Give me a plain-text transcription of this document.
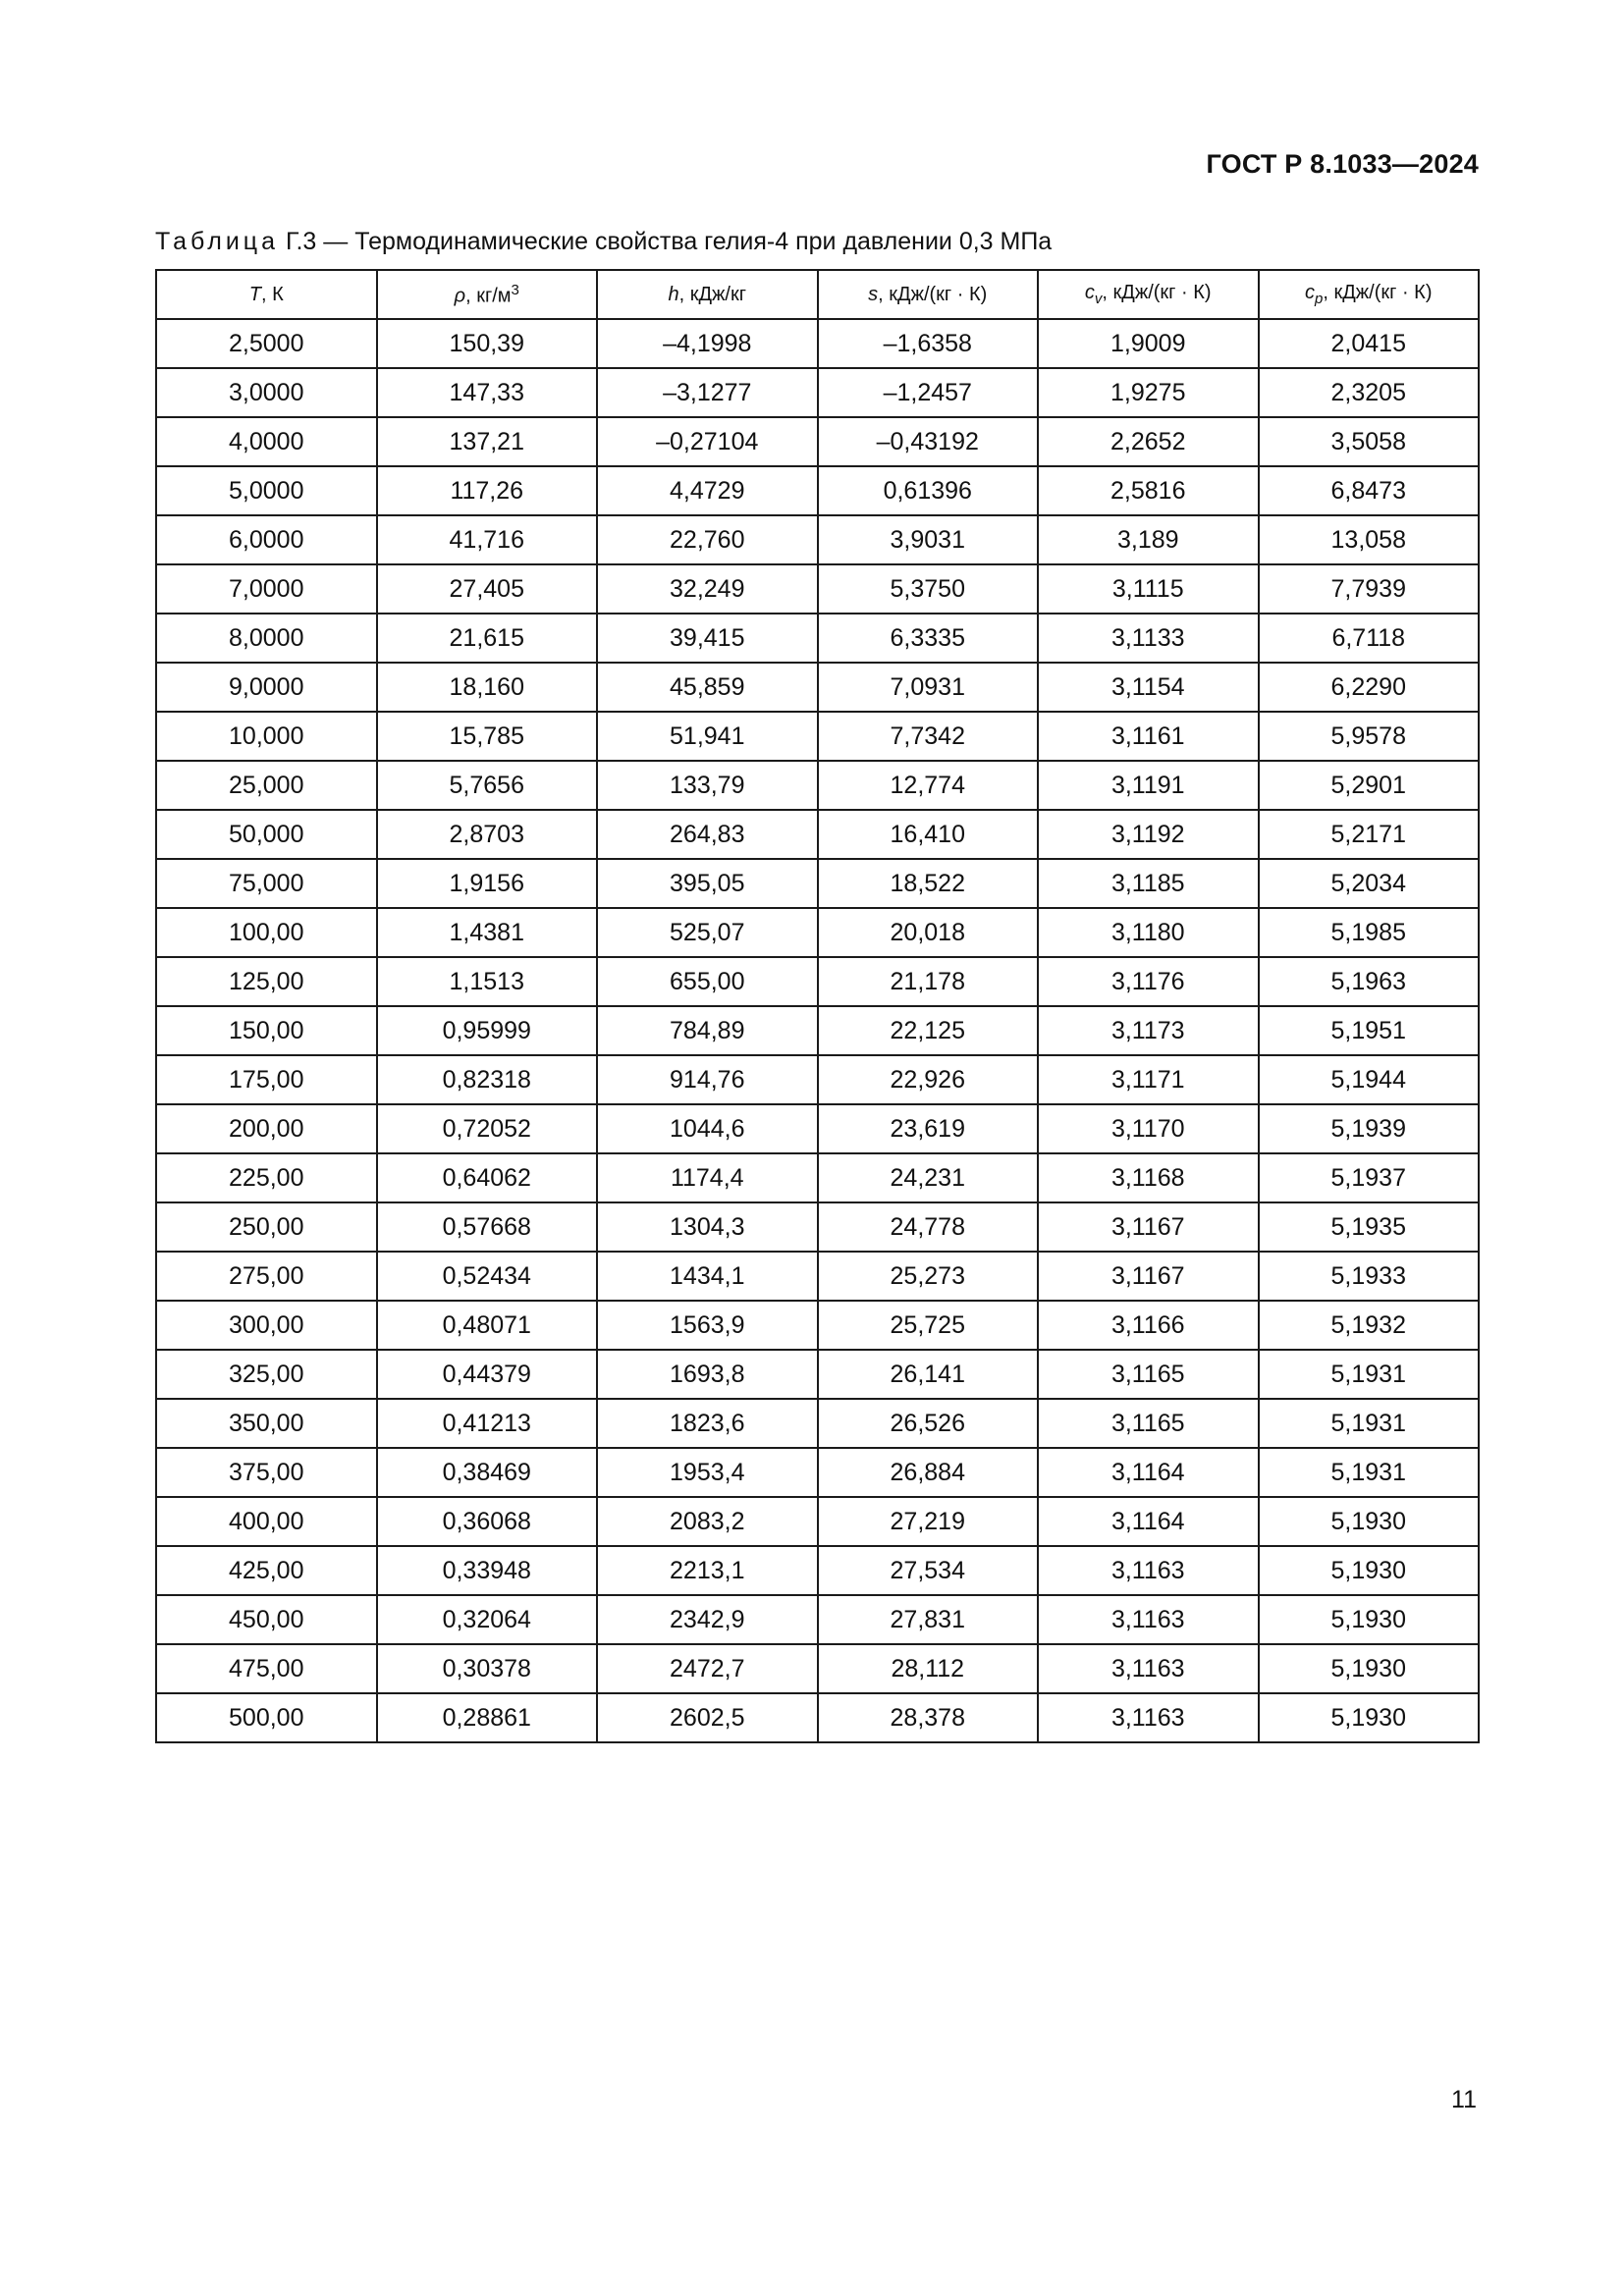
ГОСТ Р 8.1033—2024
Таблица Г.3 — Термодинамические свойства гелия-4 при давлении 0,3 МПа
T, К	ρ, $кг/м^3$	h, кДж/кг	s, кДж/(кг · К)	$c_v$, кДж/(кг · К)	$c_p$, кДж/(кг · К)
2,5000	150,39	–4,1998	–1,6358	1,9009	2,0415
3,0000	147,33	–3,1277	–1,2457	1,9275	2,3205
4,0000	137,21	–0,27104	–0,43192	2,2652	3,5058
5,0000	117,26	4,4729	0,61396	2,5816	6,8473
6,0000	41,716	22,760	3,9031	3,189	13,058
7,0000	27,405	32,249	5,3750	3,1115	7,7939
8,0000	21,615	39,415	6,3335	3,1133	6,7118
9,0000	18,160	45,859	7,0931	3,1154	6,2290
10,000	15,785	51,941	7,7342	3,1161	5,9578
25,000	5,7656	133,79	12,774	3,1191	5,2901
50,000	2,8703	264,83	16,410	3,1192	5,2171
75,000	1,9156	395,05	18,522	3,1185	5,2034
100,00	1,4381	525,07	20,018	3,1180	5,1985
125,00	1,1513	655,00	21,178	3,1176	5,1963
150,00	0,95999	784,89	22,125	3,1173	5,1951
175,00	0,82318	914,76	22,926	3,1171	5,1944
200,00	0,72052	1044,6	23,619	3,1170	5,1939
225,00	0,64062	1174,4	24,231	3,1168	5,1937
250,00	0,57668	1304,3	24,778	3,1167	5,1935
275,00	0,52434	1434,1	25,273	3,1167	5,1933
300,00	0,48071	1563,9	25,725	3,1166	5,1932
325,00	0,44379	1693,8	26,141	3,1165	5,1931
350,00	0,41213	1823,6	26,526	3,1165	5,1931
375,00	0,38469	1953,4	26,884	3,1164	5,1931
400,00	0,36068	2083,2	27,219	3,1164	5,1930
425,00	0,33948	2213,1	27,534	3,1163	5,1930
450,00	0,32064	2342,9	27,831	3,1163	5,1930
475,00	0,30378	2472,7	28,112	3,1163	5,1930
500,00	0,28861	2602,5	28,378	3,1163	5,1930
11
